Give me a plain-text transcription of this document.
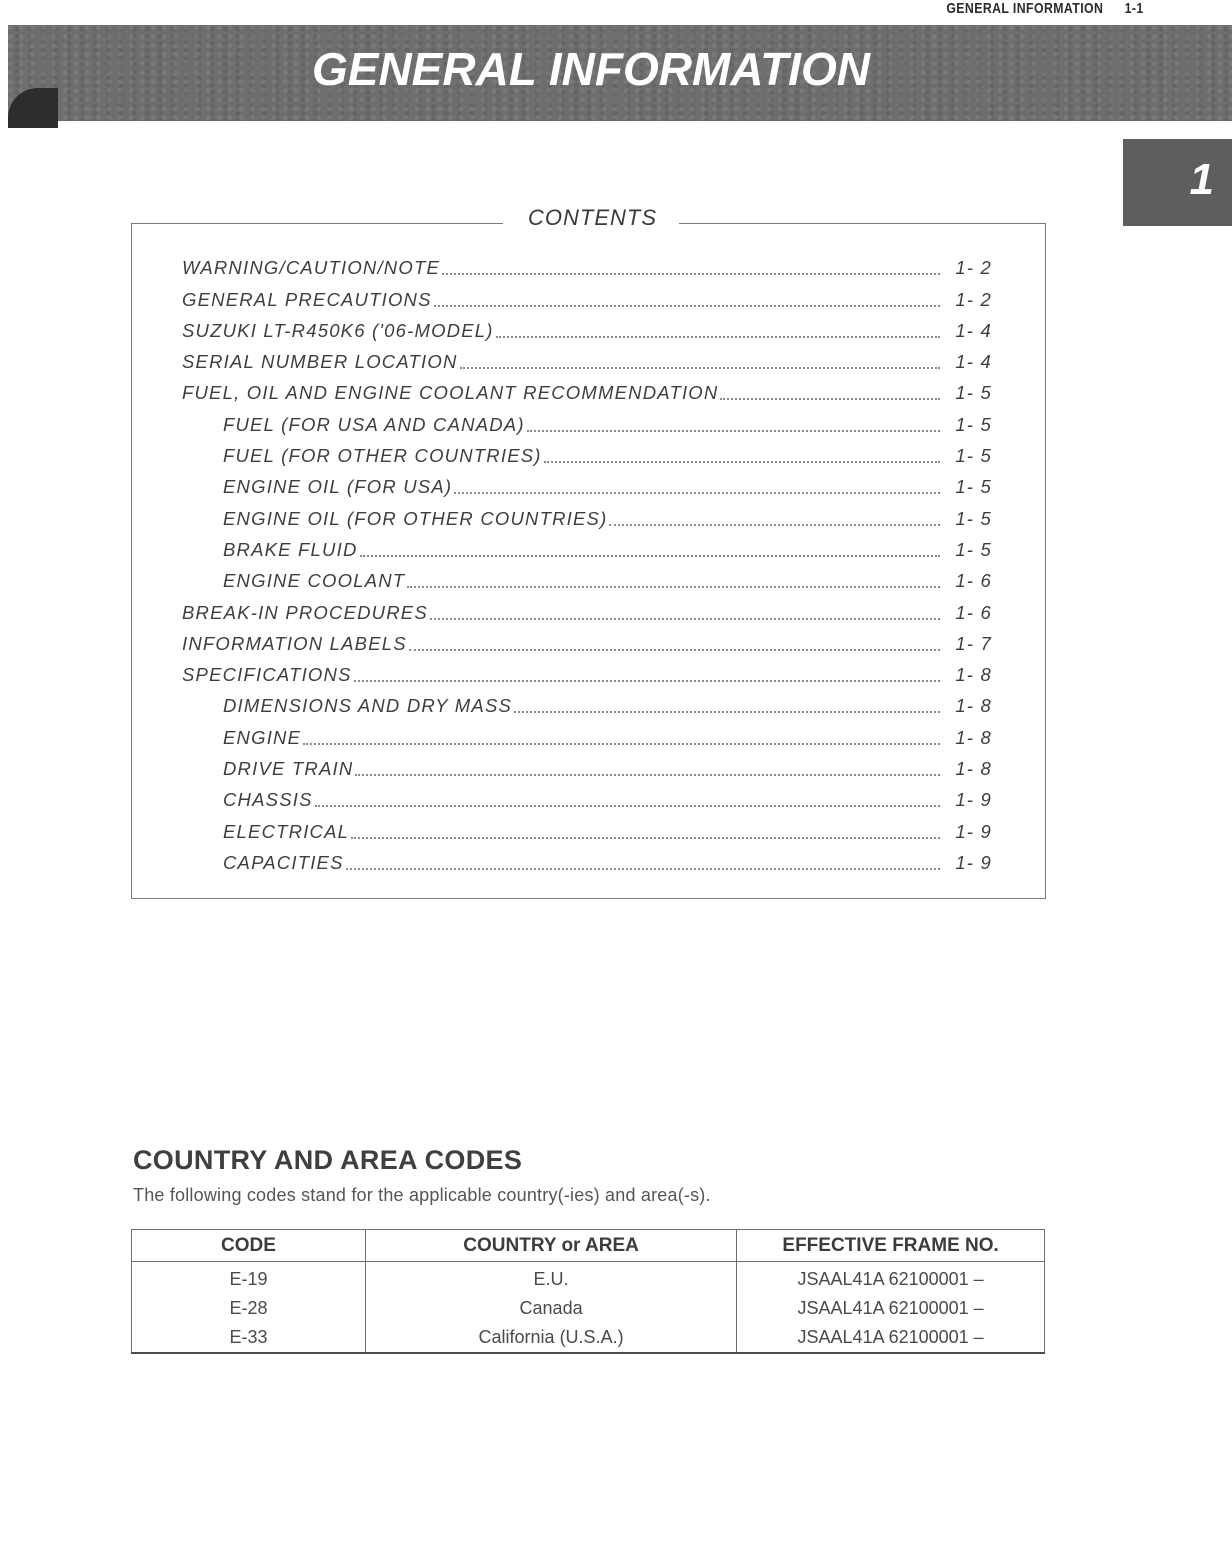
GENERAL INFORMATION 1-1
GENERAL INFORMATION
1
CONTENTS
WARNING/CAUTION/NOTE	1- 2
GENERAL PRECAUTIONS	1- 2
SUZUKI LT-R450K6 ('06-MODEL)	1- 4
SERIAL NUMBER LOCATION	1- 4
FUEL, OIL AND ENGINE COOLANT RECOMMENDATION	1- 5
FUEL (FOR USA AND CANADA)	1- 5
FUEL (FOR OTHER COUNTRIES)	1- 5
ENGINE OIL (FOR USA)	1- 5
ENGINE OIL (FOR OTHER COUNTRIES)	1- 5
BRAKE FLUID	1- 5
ENGINE COOLANT	1- 6
BREAK-IN PROCEDURES	1- 6
INFORMATION LABELS	1- 7
SPECIFICATIONS	1- 8
DIMENSIONS AND DRY MASS	1- 8
ENGINE	1- 8
DRIVE TRAIN	1- 8
CHASSIS	1- 9
ELECTRICAL	1- 9
CAPACITIES	1- 9
COUNTRY AND AREA CODES
The following codes stand for the applicable country(-ies) and area(-s).
CODE	COUNTRY or AREA	EFFECTIVE FRAME NO.
E-19	E.U.	JSAAL41A 62100001 –
E-28	Canada	JSAAL41A 62100001 –
E-33	California (U.S.A.)	JSAAL41A 62100001 –
